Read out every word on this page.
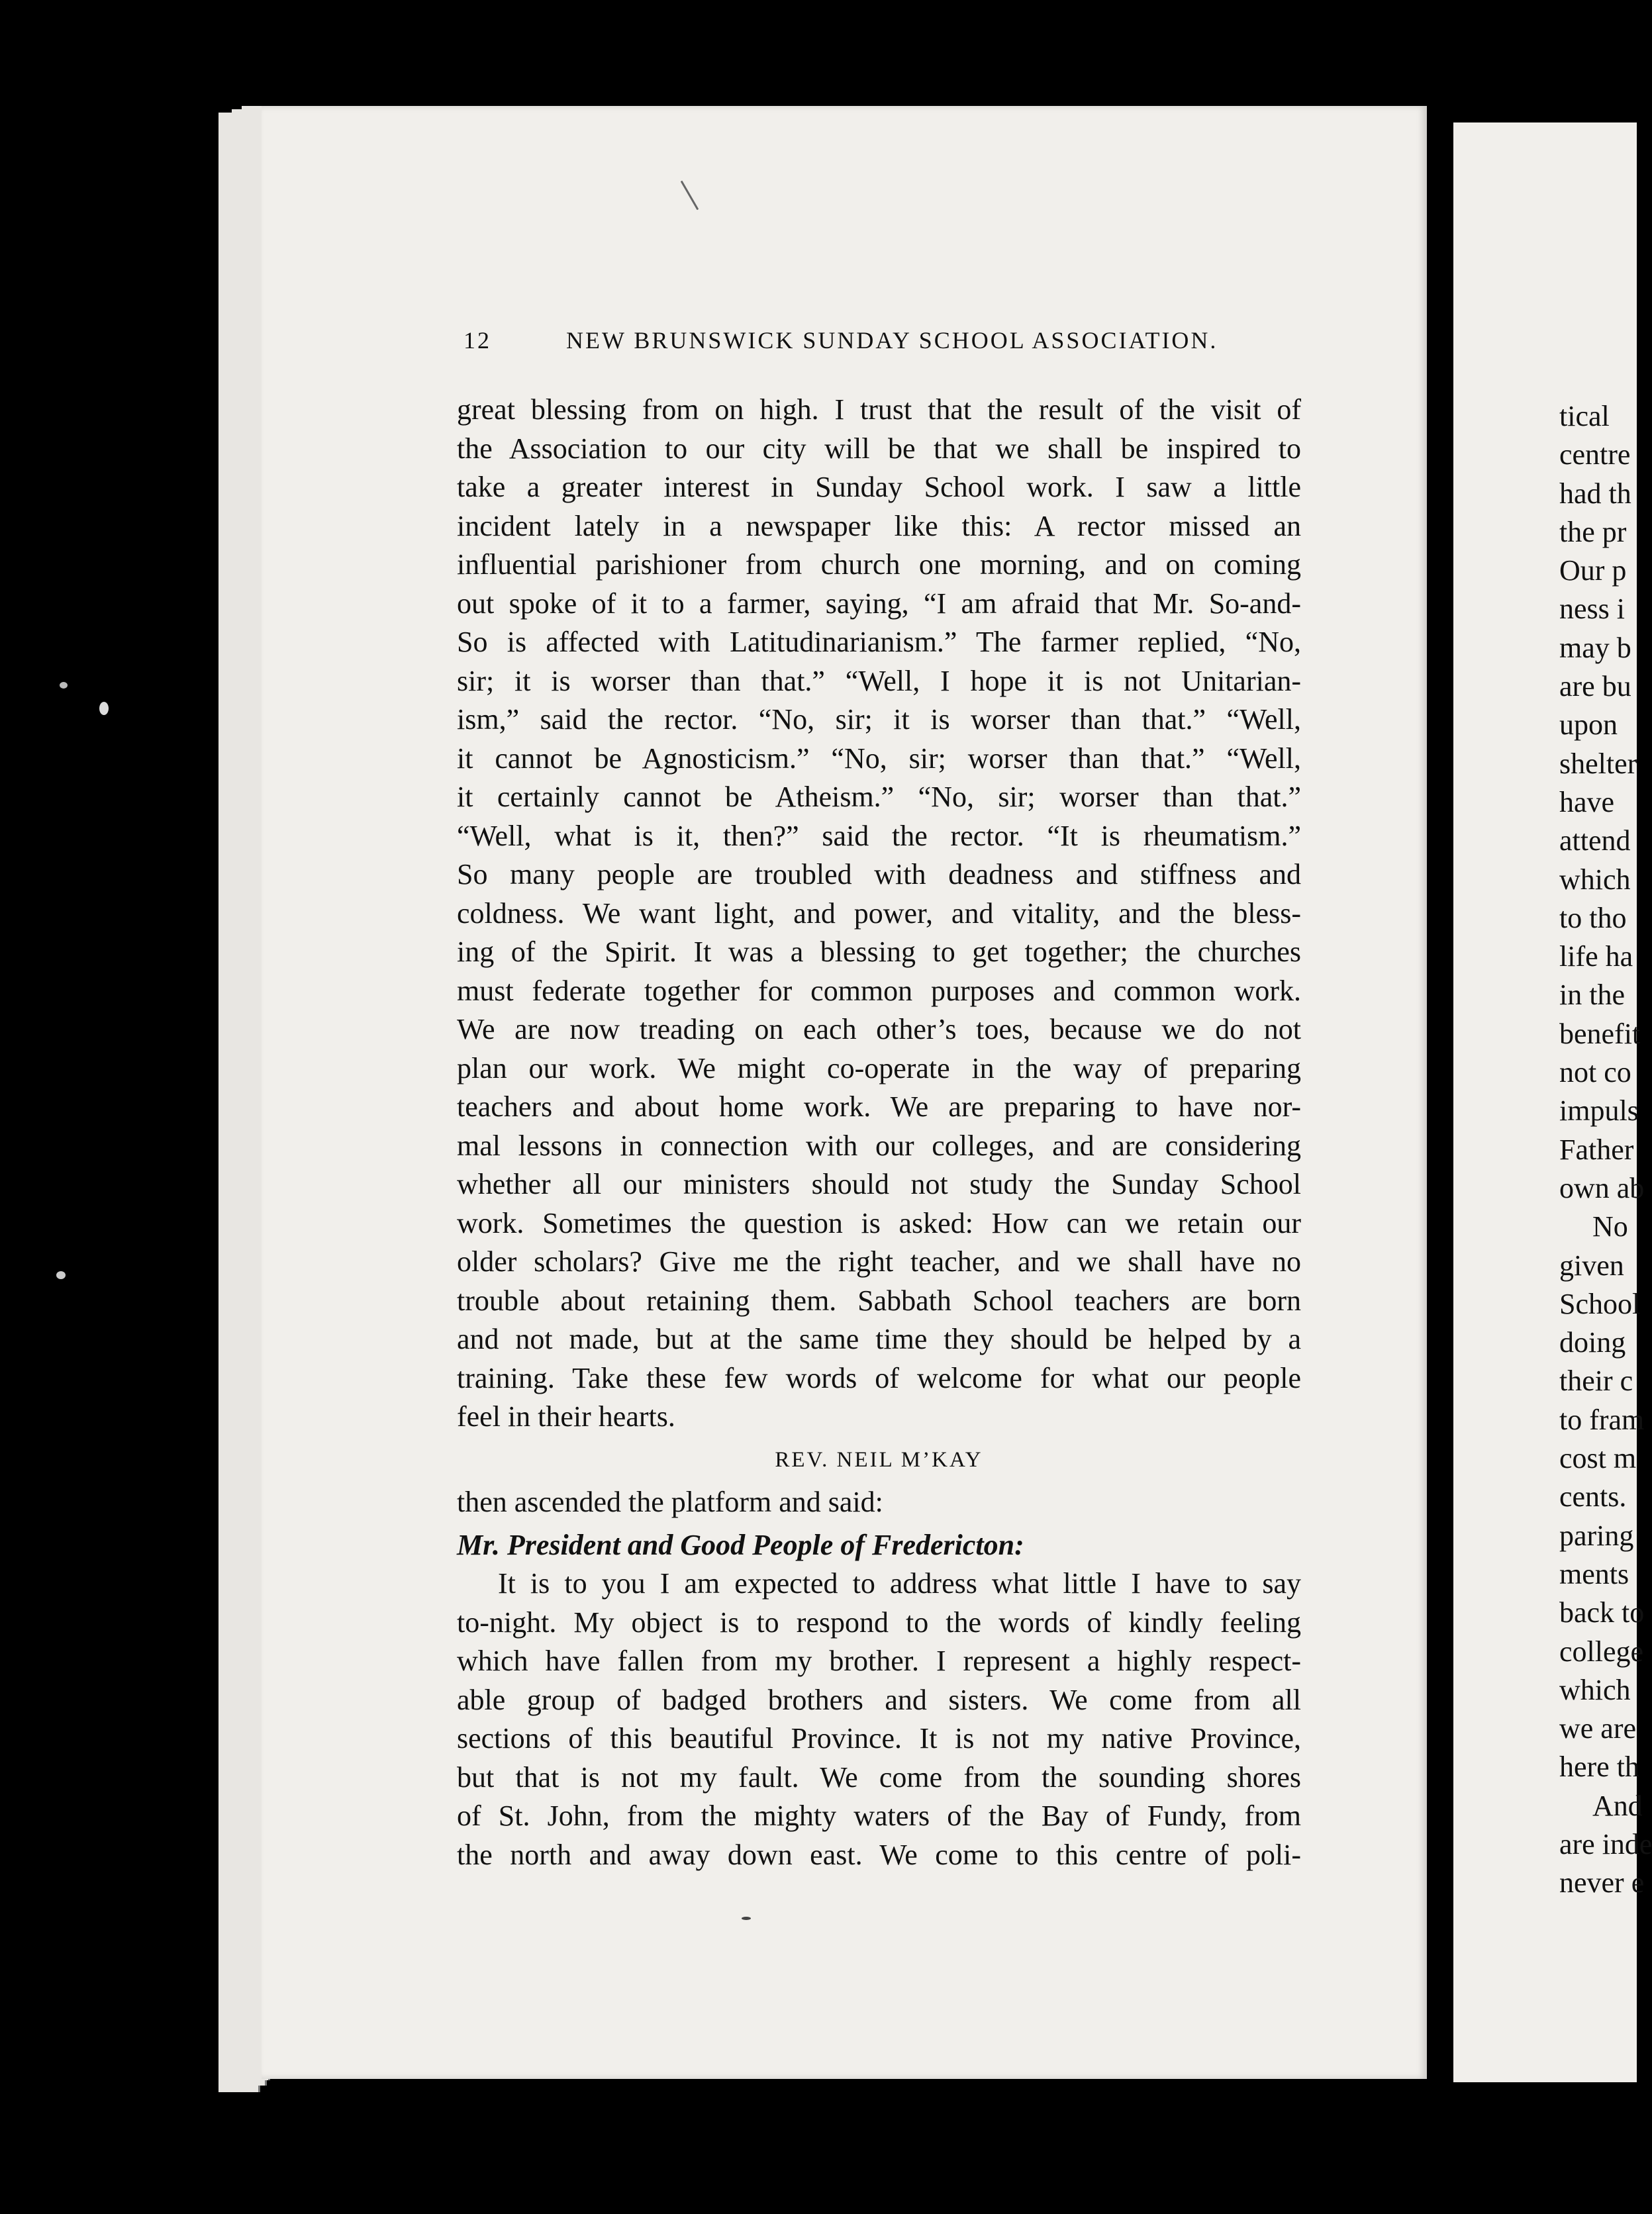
12	NEW BRUNSWICK SUNDAY SCHOOL ASSOCIATION.
great blessing from on high. I trust that the result of the visit of
the Association to our city will be that we shall be inspired to
take a greater interest in Sunday School work. I saw a little
incident lately in a newspaper like this: A rector missed an
influential parishioner from church one morning, and on coming
out spoke of it to a farmer, saying, “I am afraid that Mr. So-and-
So is affected with Latitudinarianism.” The farmer replied, “No,
sir; it is worser than that.” “Well, I hope it is not Unitarian-
ism,” said the rector. “No, sir; it is worser than that.” “Well,
it cannot be Agnosticism.” “No, sir; worser than that.” “Well,
it certainly cannot be Atheism.” “No, sir; worser than that.”
“Well, what is it, then?” said the rector. “It is rheumatism.”
So many people are troubled with deadness and stiffness and
coldness. We want light, and power, and vitality, and the bless-
ing of the Spirit. It was a blessing to get together; the churches
must federate together for common purposes and common work.
We are now treading on each other’s toes, because we do not
plan our work. We might co-operate in the way of preparing
teachers and about home work. We are preparing to have nor-
mal lessons in connection with our colleges, and are considering
whether all our ministers should not study the Sunday School
work. Sometimes the question is asked: How can we retain our
older scholars? Give me the right teacher, and we shall have no
trouble about retaining them. Sabbath School teachers are born
and not made, but at the same time they should be helped by a
training. Take these few words of welcome for what our people
feel in their hearts.
REV. NEIL M’KAY
then ascended the platform and said:
Mr. President and Good People of Fredericton:
It is to you I am expected to address what little I have to say
to-night. My object is to respond to the words of kindly feeling
which have fallen from my brother. I represent a highly respect-
able group of badged brothers and sisters. We come from all
sections of this beautiful Province. It is not my native Province,
but that is not my fault. We come from the sounding shores
of St. John, from the mighty waters of the Bay of Fundy, from
the north and away down east. We come to this centre of poli-
tical
centre
had th
the pr
Our p
ness i
may b
are bu
upon
shelter
have
attend
which
to tho
life ha
in the
benefit
not co
impuls
Father
own ab
No
given
School
doing
their c
to fram
cost m
cents.
paring
ments
back to
college
which
we are
here th
And
are inde
never e
